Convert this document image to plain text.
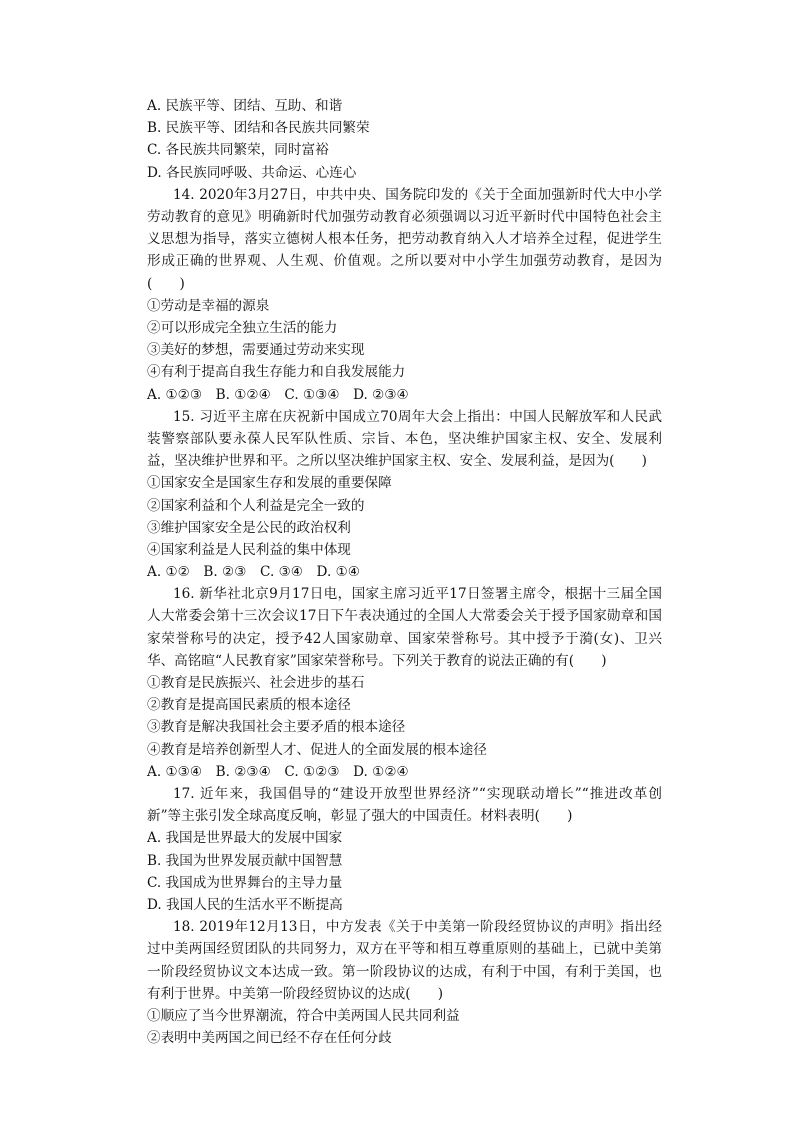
A. 民族平等、团结、互助、和谐
B. 民族平等、团结和各民族共同繁荣
C. 各民族共同繁荣，同时富裕
D. 各民族同呼吸、共命运、心连心
14. 2020年3月27日，中共中央、国务院印发的《关于全面加强新时代大中小学劳动教育的意见》明确新时代加强劳动教育必须强调以习近平新时代中国特色社会主义思想为指导，落实立德树人根本任务，把劳动教育纳入人才培养全过程，促进学生形成正确的世界观、人生观、价值观。之所以要对中小学生加强劳动教育，是因为(　　)
①劳动是幸福的源泉
②可以形成完全独立生活的能力
③美好的梦想，需要通过劳动来实现
④有利于提高自我生存能力和自我发展能力
A. ①②③　B. ①②④　C. ①③④　D. ②③④
15. 习近平主席在庆祝新中国成立70周年大会上指出：中国人民解放军和人民武装警察部队要永葆人民军队性质、宗旨、本色，坚决维护国家主权、安全、发展利益，坚决维护世界和平。之所以坚决维护国家主权、安全、发展利益，是因为(　　)
①国家安全是国家生存和发展的重要保障
②国家利益和个人利益是完全一致的
③维护国家安全是公民的政治权利
④国家利益是人民利益的集中体现
A. ①②　B. ②③　C. ③④　D. ①④
16. 新华社北京9月17日电，国家主席习近平17日签署主席令，根据十三届全国人大常委会第十三次会议17日下午表决通过的全国人大常委会关于授予国家勋章和国家荣誉称号的决定，授予42人国家勋章、国家荣誉称号。其中授予于漪(女)、卫兴华、高铭暄“人民教育家”国家荣誉称号。下列关于教育的说法正确的有(　　)
①教育是民族振兴、社会进步的基石
②教育是提高国民素质的根本途径
③教育是解决我国社会主要矛盾的根本途径
④教育是培养创新型人才、促进人的全面发展的根本途径
A. ①③④　B. ②③④　C. ①②③　D. ①②④
17. 近年来，我国倡导的“建设开放型世界经济”“实现联动增长”“推进改革创新”等主张引发全球高度反响，彰显了强大的中国责任。材料表明(　　)
A. 我国是世界最大的发展中国家
B. 我国为世界发展贡献中国智慧
C. 我国成为世界舞台的主导力量
D. 我国人民的生活水平不断提高
18. 2019年12月13日，中方发表《关于中美第一阶段经贸协议的声明》指出经过中美两国经贸团队的共同努力，双方在平等和相互尊重原则的基础上，已就中美第一阶段经贸协议文本达成一致。第一阶段协议的达成，有利于中国，有利于美国，也有利于世界。中美第一阶段经贸协议的达成(　　)
①顺应了当今世界潮流，符合中美两国人民共同利益
②表明中美两国之间已经不存在任何分歧
